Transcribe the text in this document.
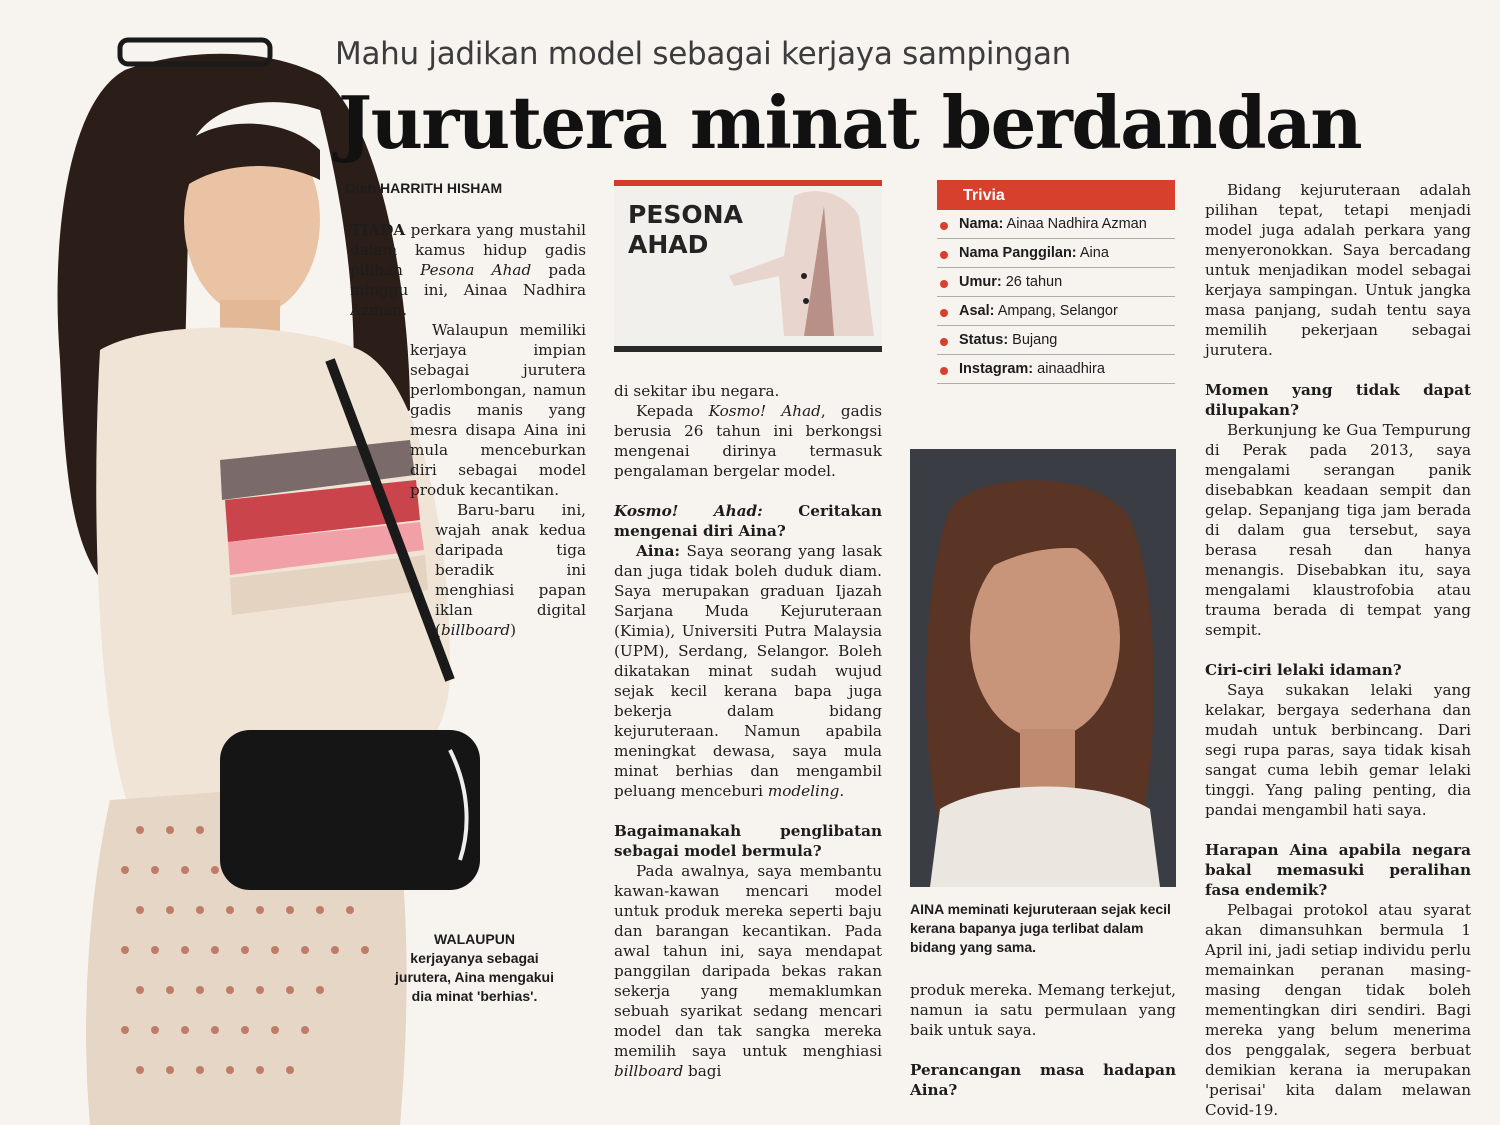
Mahu jadikan model sebagai kerjaya sampingan
Jurutera minat berdandan
Oleh HARRITH HISHAM

TIADA perkara yang mustahil dalam kamus hidup gadis pilihan Pesona Ahad pada minggu ini, Ainaa Nadhira Azman.

Walaupun memiliki kerjaya impian sebagai jurutera perlombongan, namun gadis manis yang mesra disapa Aina ini mula menceburkan diri sebagai model produk kecantikan.

Baru-baru ini, wajah anak kedua daripada tiga beradik ini menghiasi papan iklan digital (billboard)

WALAUPUN
kerjayanya sebagai jurutera, Aina mengakui dia minat 'berhias'.
PESONA
AHAD

di sekitar ibu negara.

Kepada Kosmo! Ahad, gadis berusia 26 tahun ini berkongsi mengenai dirinya termasuk pengalaman bergelar model.

Kosmo! Ahad: Ceritakan mengenai diri Aina?

Aina: Saya seorang yang lasak dan juga tidak boleh duduk diam. Saya merupakan graduan Ijazah Sarjana Muda Kejuruteraan (Kimia), Universiti Putra Malaysia (UPM), Serdang, Selangor. Boleh dikatakan minat sudah wujud sejak kecil kerana bapa juga bekerja dalam bidang kejuruteraan. Namun apabila meningkat dewasa, saya mula minat berhias dan mengambil peluang menceburi modeling.

Bagaimanakah penglibatan sebagai model bermula?

Pada awalnya, saya membantu kawan-kawan mencari model untuk produk mereka seperti baju dan barangan kecantikan. Pada awal tahun ini, saya mendapat panggilan daripada bekas rakan sekerja yang memaklumkan sebuah syarikat sedang mencari model dan tak sangka mereka memilih saya untuk menghiasi billboard bagi

Trivia
Nama: Ainaa Nadhira Azman
Nama Panggilan: Aina
Umur: 26 tahun
Asal: Ampang, Selangor
Status: Bujang
Instagram: ainaadhira
AINA meminati kejuruteraan sejak kecil kerana bapanya juga terlibat dalam bidang yang sama.

produk mereka. Memang terkejut, namun ia satu permulaan yang baik untuk saya.

Perancangan masa hadapan Aina?

Bidang kejuruteraan adalah pilihan tepat, tetapi menjadi model juga adalah perkara yang menyeronokkan. Saya bercadang untuk menjadikan model sebagai kerjaya sampingan. Untuk jangka masa panjang, sudah tentu saya memilih pekerjaan sebagai jurutera.

Momen yang tidak dapat dilupakan?

Berkunjung ke Gua Tempurung di Perak pada 2013, saya mengalami serangan panik disebabkan keadaan sempit dan gelap. Sepanjang tiga jam berada di dalam gua tersebut, saya berasa resah dan hanya menangis. Disebabkan itu, saya mengalami klaustrofobia atau trauma berada di tempat yang sempit.

Ciri-ciri lelaki idaman?

Saya sukakan lelaki yang kelakar, bergaya sederhana dan mudah untuk berbincang. Dari segi rupa paras, saya tidak kisah sangat cuma lebih gemar lelaki tinggi. Yang paling penting, dia pandai mengambil hati saya.

Harapan Aina apabila negara bakal memasuki peralihan fasa endemik?

Pelbagai protokol atau syarat akan dimansuhkan bermula 1 April ini, jadi setiap individu perlu memainkan peranan masing-masing dengan tidak boleh mementingkan diri sendiri. Bagi mereka yang belum menerima dos penggalak, segera berbuat demikian kerana ia merupakan 'perisai' kita dalam melawan Covid-19.
